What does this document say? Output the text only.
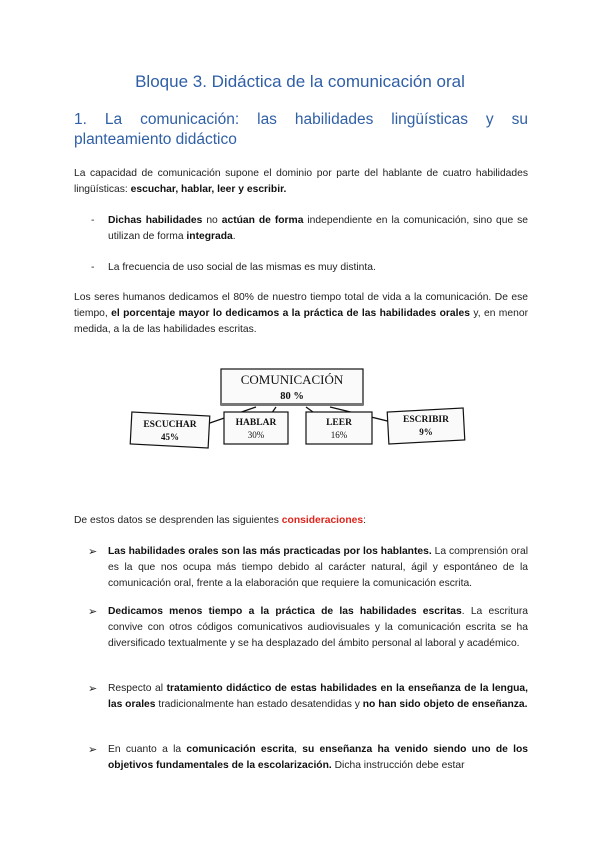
Bloque 3. Didáctica de la comunicación oral
1. La comunicación: las habilidades lingüísticas y su planteamiento didáctico
La capacidad de comunicación supone el dominio por parte del hablante de cuatro habilidades lingüísticas: escuchar, hablar, leer y escribir.
- Dichas habilidades no actúan de forma independiente en la comunicación, sino que se utilizan de forma integrada.
- La frecuencia de uso social de las mismas es muy distinta.
Los seres humanos dedicamos el 80% de nuestro tiempo total de vida a la comunicación. De ese tiempo, el porcentaje mayor lo dedicamos a la práctica de las habilidades orales y, en menor medida, a la de las habilidades escritas.
COMUNICACIÓN
80 %
ESCUCHAR
45%
HABLAR
30%
LEER
16%
ESCRIBIR
9%
De estos datos se desprenden las siguientes consideraciones:
➢ Las habilidades orales son las más practicadas por los hablantes. La comprensión oral es la que nos ocupa más tiempo debido al carácter natural, ágil y espontáneo de la comunicación oral, frente a la elaboración que requiere la comunicación escrita.
➢ Dedicamos menos tiempo a la práctica de las habilidades escritas. La escritura convive con otros códigos comunicativos audiovisuales y la comunicación escrita se ha diversificado textualmente y se ha desplazado del ámbito personal al laboral y académico.
➢ Respecto al tratamiento didáctico de estas habilidades en la enseñanza de la lengua, las orales tradicionalmente han estado desatendidas y no han sido objeto de enseñanza.
➢ En cuanto a la comunicación escrita, su enseñanza ha venido siendo uno de los objetivos fundamentales de la escolarización. Dicha instrucción debe estar
